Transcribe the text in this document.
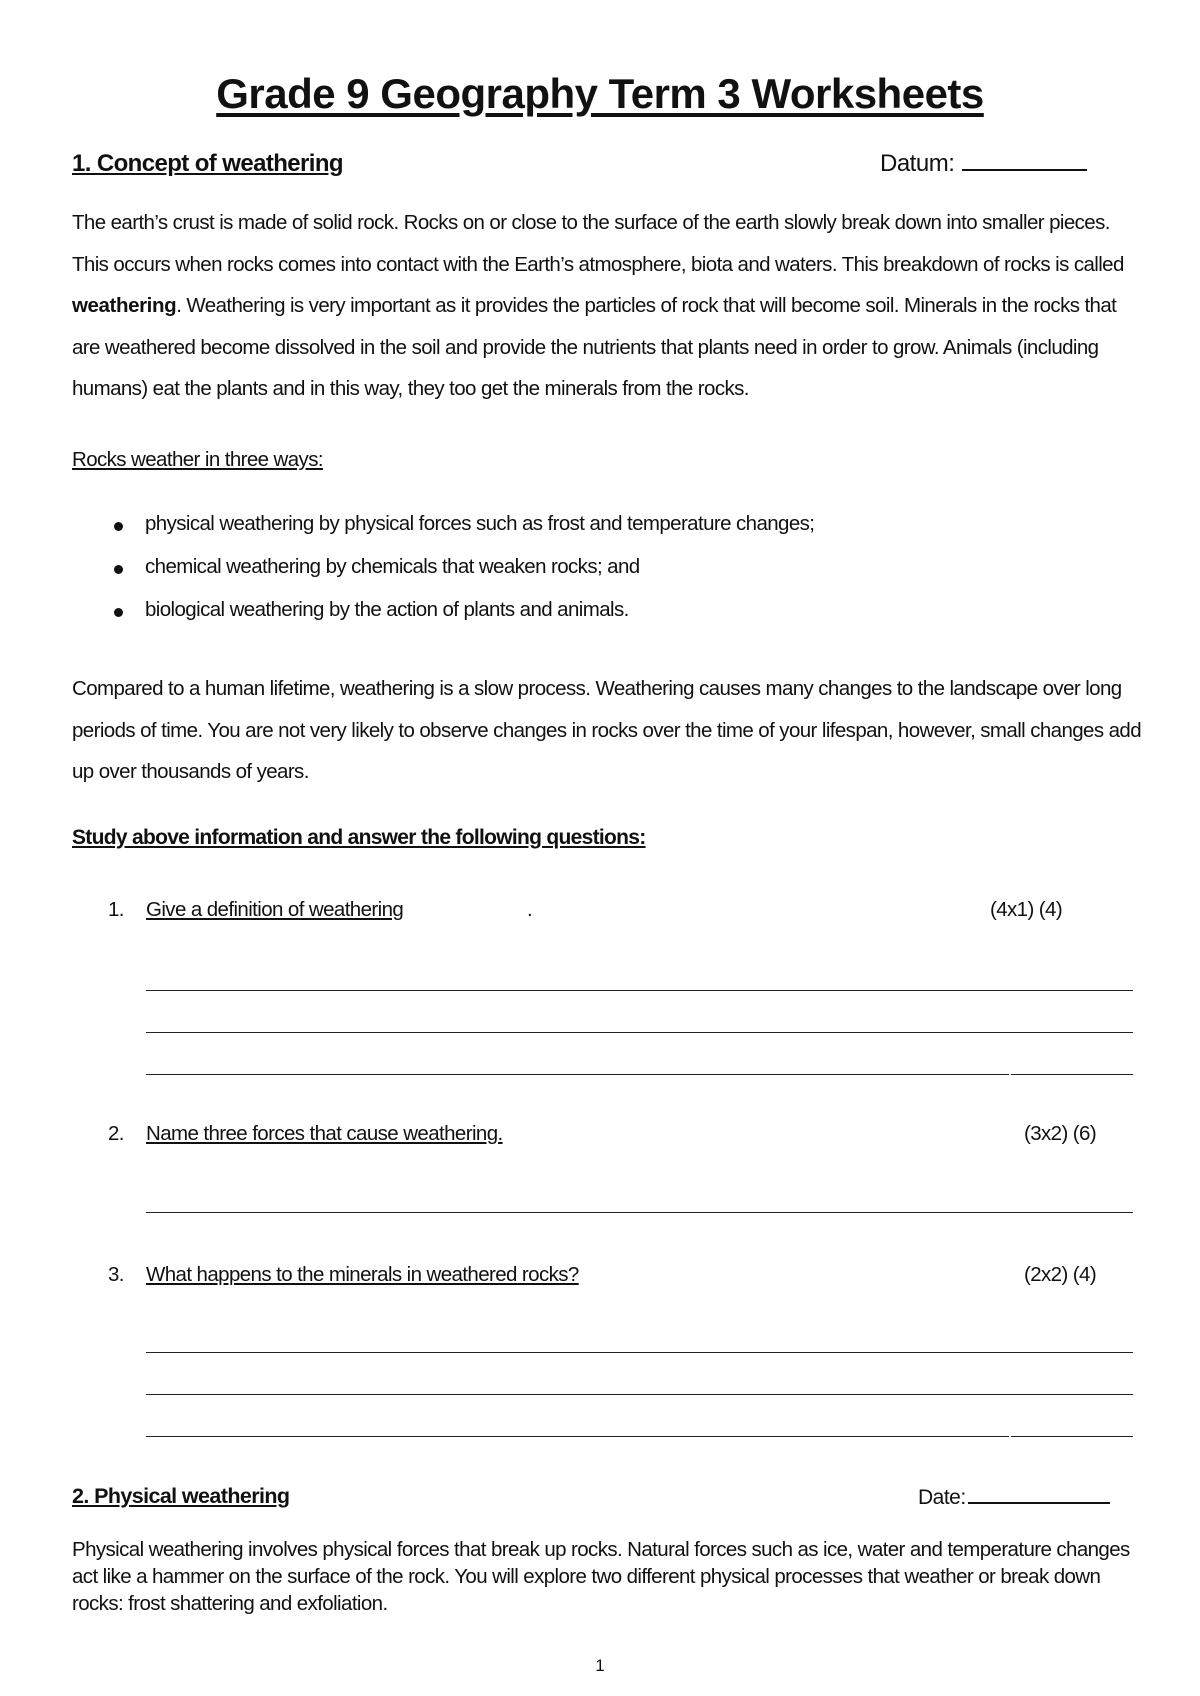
Grade 9 Geography Term 3 Worksheets
1. Concept of weathering	Datum:
The earth’s crust is made of solid rock. Rocks on or close to the surface of the earth slowly break down into smaller pieces. This occurs when rocks comes into contact with the Earth’s atmosphere, biota and waters. This breakdown of rocks is called weathering. Weathering is very important as it provides the particles of rock that will become soil. Minerals in the rocks that are weathered become dissolved in the soil and provide the nutrients that plants need in order to grow. Animals (including humans) eat the plants and in this way, they too get the minerals from the rocks.
Rocks weather in three ways:
physical weathering by physical forces such as frost and temperature changes;
chemical weathering by chemicals that weaken rocks; and
biological weathering by the action of plants and animals.
Compared to a human lifetime, weathering is a slow process. Weathering causes many changes to the landscape over long periods of time. You are not very likely to observe changes in rocks over the time of your lifespan, however, small changes add up over thousands of years.
Study above information and answer the following questions:
1. Give a definition of weathering	.	(4x1) (4)
2. Name three forces that cause weathering.	(3x2) (6)
3. What happens to the minerals in weathered rocks?	(2x2) (4)
2. Physical weathering	Date:
Physical weathering involves physical forces that break up rocks. Natural forces such as ice, water and temperature changes act like a hammer on the surface of the rock. You will explore two different physical processes that weather or break down rocks: frost shattering and exfoliation.
1
